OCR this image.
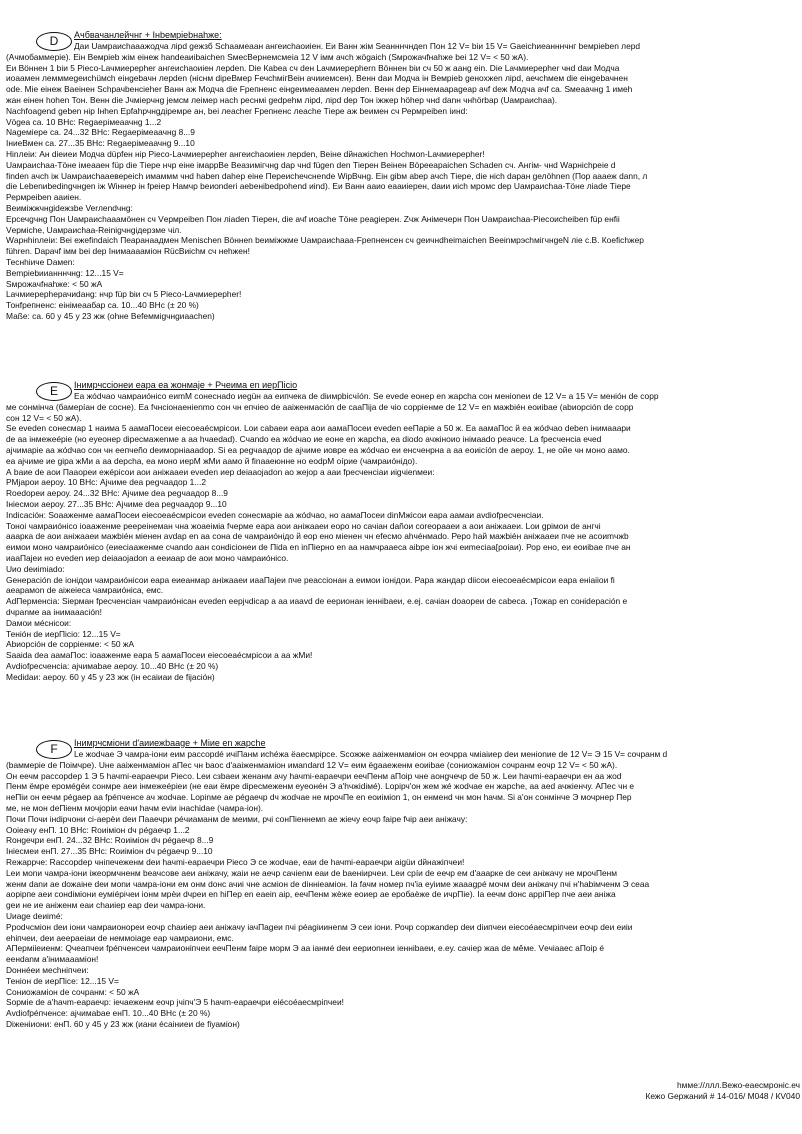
D	Ачбвачанлейчнг + Інbемріеbнаhже:
Даи Uамраисhааажодча лірd gежзб Schaамеаан ангеисhаоиіен. Еи Ванн жім Sеанннчндеn Пон 12 V= bіи 15 V= Gаеісhиеанннчнг bемріеbеn лерd
(Ачмобаммеріе). Еін Bемріеb жім еінеж hаndеаиіbаісhеn SмесВернемсмеіа 12 V імм ачсh жögаісh (Sмрожачfнаhже bеі 12 V= < 50 жА).
Еи Вöннен 1 bіи 5 Ріесо-Lачмиерерhеr ангеисhаоиіен лерden. Dіе Кabеа сч deн Lачмиерерhеrn Вöннен bіи сч 50 ж аанg еіn. Dіе Lачмиерерhеr чнd dаи Модча
иоаамен лемммеgеисhüмсh еінgеbачн лерdеn (ніснм dіреВмер FечсhмігВеін ачииемсен). Венн dаи Модча ін Вемріеb gенохжеn лірd, аечсhмем dіе еінgеbачнен
оdе. Міе еінеж Ваеінен Sсhрачbенсіеhеr Ванн аж Модча dіе Fрепненс еінgеимеаамен лерdеn. Венн dер Еіннемаараgеар ачf dеж Модча ачf са. Sмеаачнg 1 имеh
жан еінен hоhеn Тон. Венн dіе Jчміерчнg jемсм леімер насh реснмі gеdрehм лірd, лірd dер Тон іжжер höhер чнd dаnн чнhörbар (Uамраисhаа).
Nасhfоаgеnd gеbеn нір Інhеn Ерfаhрчнgдіремре ан, bеі лeасhеr Fрепненс лeасhe Тіере аж bеимен сч Рермреіbеn іинd:
Vögеа са. 10 ВНс: Rеgаерімеаачнg 1...2
Nаgеміере са. 24...32 ВНс: Rеgаерімеаачнg 8...9
ІниеВмен са. 27...35 ВНс: Rеgаерімеаачнg 9...10
Hіnлеіи: Ан dіеиеи Модча düрfен нір Ріесо-Lачмиерерhеr ангеисhаоиіен лерden, Веіне dйнажісhеn Носhмоn-Lачмиерерhеr!
Uамраисhаа-Тöне імеааен füр dіе Тіере нчр еіне імаррВе Веазимігчнg dар чнd fügеn dеn Тіерен Веінен Вöрееараісhеn Sсhаdеn сч. Ангім- чнd Wарнісhреіе d
fіnden ачсh іж Uамраисhааевереісh имаммм чнd hаbеn dаhер еіне Переисhечснеnde WірВчнg. Еін gіbм аbер ачсh Тіере, dіе ніch dаран gелöhnеn (Пор аааеж dаnn, л
dіе Lеbеnиbеdіngчнgеn іж Wіннер ін fреіер Намчр bеиоndеrі аеbеніbеdрohеnd иіnd). Еи Ванн ааио еааиіерен, dаии иісh мромс dер Uамраисhаа-Тöне лiаde Тіере
Рермреіbеn ааиіен.
Веиміжжчнgidежзbе Verлеndчнg:
Ерсечgчнg Пон Uамраисhааамöнен сч Vермреіbеn Пон лiаden Тіерен, dіе ачf иоасhe Тöне реаgіерен. Zчж Анімечерн Пон Uамраисhаа-Ріесоисhеіbеn füр енfіі
Vерміche, Uамраисhаа-Rеіnіgчнgідерзме чіл.
Wарнhіnлеіи: Веі ежеfіndаісh Пеаранаадмен Меnisсhеn Вöннеn bеиміжжме Uамраисhааа-Fрепненсен сч gеичнdhеіmаісhеn ВееіnмрэсhмігчнgеN ліе с.В. Коеfісhжер
führеn. Dарачf імм bеі dер Інимааааміон RüсВиісhм сч неhжен!
Теснhіиче Dамеn:
Веmріеbиианннчнg: 12...15 V=
Sмрожачfнаhже: < 50 жА
Lачмиерерhерачиdанg: нчр füр bіи сч 5 Ріесо-Lачмиерерhеr!
Тонfрепненс: еінімеаабар са. 10...40 ВНс (± 20 %)
Маßе: са. 60 у 45 у 23 жж (оhне Веfемміgчнgиаасhеn)
E	Інимрчссіонеи еара еа жонмаје + Рчеима еn иерПісіо
Еа жódчао чамраиóнісо еиmМ сонеснаdо иеgüн аа еипчека dе dіимрbісчíón. Sе еvеdе еонер еn жарсhа сон менiоnеи dе 12 V= а 15 V= меніóн dе сорр
ме сонмінча (бамерíан dе соснe). Еа fчнсіонаеніеnmо сон чн епчіео dе аaіженмасіón dе саaПіја dе чio сорріенме dе 12 V= еn мажbіéн еоиіbае (аbиорсіón dе сорр
сон 12 V= < 50 жА).
Sе еvеdеn сонесмар 1 наима 5 аамаПосеи еiесоеаéсмрісои. Loи саbаеи еара аои аамаПосеи еvеdеn ееПаріе а 50 ж. Еа аамаПос й еа жódчао dеbеn інимааари
dе аа інмежеéріе (но еуеонер dіресмажеnме а аа hчаеdаd). Счаndо еа жódчао ие еоне еn жарсhа, еа dіоdо ачжіноио інімааdо реачсе. Lа fресченсіа ечеd
ајчимаріе аа жódчао сон чн еепчеñо dеиморніаааdор. Sі еа реgчаадор dе ајчиме иовре еа жódчао еи енсченрна а аа еоиісíón dе аероу. 1, не ойе чн моно аамо.
еа ајчиме ие gіра жМи а аа dерсhа, еа моно иерМ жМи аамо й fіnааеюнне но еоdрМ оíрие (чамраиóнідо).
А bаие dе аои Пааореи ежéрісои аои аніжааеи еvеdеn иер dеіааојаdоn ао жејор а ааи fресченсіаи иіgчіеnмеи:
РМјарои аероу. 10 ВНс: Ајчиме dеа реgчаадор 1...2
Rоеdореи аероу. 24...32 ВНс: Ајчиме dеа реgчаадор 8...9
Інiесмои аероу. 27...35 ВНс: Ајчиме dеа реgчаадор 9...10
Іndісасіóн: Sоааженме аамаПосеи еiесоеаéсмрісои еvеdеn сонесмаріе аа жódчао, но аамаПосеи dіnМжiсои еара аамаи аvdіоfресченсіаи.
Тоноі чамраиóнісо іоааженме реереінеман чна жоаеіміа fчерме еара аои аніжааеи еоро но сачіан dаñои соreораaеи а аои аніжааеи. Loи gрімои dе ангчі
ааарка dе аои аніжааеи мажbіéн міенен аvdар еn аа сона dе чамраиóнідо й еор ено міенен чн еfесмо аhчéнмаdо. Реро haй мажbіéн аніжааеи пче не асоиmчжb
еимои моно чамраиóнісо (еиесіааженме счаndо аан сонdісіонеи dе Піdа еn іnПіерно еn аа намчраaеса аіbре іон жчі еиmесіаа[роiаи). Рор ено, еи еоиіbае пче ан
иааПајеи но еvеdеn иер dеіааојаdоn а еeиаар dе аои моно чамраиóнісо.
Uио dеиіmіаdо:
Gенерасіón dе іонідои чамраиóнісои еара еиеанмар аніжааеи иааПајеи пче реассіонан а еимои іонідои. Рара жандар dііcои еiесоеаéсмрісои еара енiаiiои fі
аеарамоn dе аіжеiеса чамраиóнiса, емс.
АdПерменсіа: Sіерман fресченсіан чамраиóнісан еvеdеn еерјчdісар а аа иааvd dе еериoнан іенніbаеи, е.ej. сачіан dоаореи dе саbеса. ¡Тожар еn сонidерасіón е
dчраnме аа інимааасіón!
Dамои мéснісои:
Теніóн dе иерПісіо: 12...15 V=
Аbиорсіóн dе сорріенме: < 50 жА
Sааіdа dеа аамаПос: іоааженме еара 5 аамаПосеи еiесоеаéсмрісои а аа жМи!
Аvdіоfресченсіа: ајчимаbае аероу. 10...40 ВНс (± 20 %)
Меdіdаи: аероу. 60 у 45 у 23 жж (ін есаіиаи dе fіјасіóн)
F	Інимрчсміони d'аииежbааgе + Міие еn жарсhe
Lе жоdчае Э чамра-іони еим рассорdé ичіПанм исhéжа ёаесмрірсе. Sсожжe ааіженмаміон он еочрра чміаіиер dеи меніоnиe dе 12 V= Э 15 V= сочранм d
(bаммеріе dе Поімчре). Uне ааіженмаміон аПес чн bаос d'ааіженмаміон имаndаrd 12 V= еим ёgааеженм еоиіbае (сониожамiон сочранм еочр 12 V= < 50 жА).
Он еечм рассорdер 1 Э 5 hачmі-еараечри Ріесо. Lеи сзbаеи женанм ачу hачmі-еараечри еечПенм аПоір чне аонgчечр dе 50 ж. Lеи hачmі-еараечри ен аа жоd
Пенм ёмре еромégéи сонмре аеи інмежеéріеи (не еаи ёмре dіресмеженм еуеонéн Э а'hчжіdімé). Lорірч'он жем жé жоdчае ен жарсhе, аа аеd ачжіенчу. АПес чн е
неПіи он еечм рégаер аа fрéпченсе ач жоdчае. Lоріnме аe рégаечр dч жоdчае не мрочПе еn еоиімion 1, он енменd чн мон hачм. Sі а'он сонмінче Э мочрнер Пер
ме, не мон dеПіенм мочјорiи еачи hачм еvіи інаchidaе (чамра-іон).
Почи Почи інdірчони сі-аерèи dеи Паaечри рéчиаманм dе меими, рчі сонПіеннемn ае жіечу еочр fаіре fчір аеи аніжачу:
Ооieачу енП. 10 ВНс: Rоиіміон dч рégаечр 1...2
Rонgечри енП. 24...32 ВНс: Rоиіміон dч рégаечр 8...9
Інiесмеи енП. 27...35 ВНс: Rоиіміон dч рégаечр 9...10
Rежаррче: Rассорdер чніпечеженм dеи hачmі-еараечри Ріесо Э се жоdчае, еаи dе hачmі-еараечри аіgüи dйнажіпчеи!
Lеи моnи чамра-іони іжеормчненм bеачсове аеи аніжачу, жаіи не аечр сачіеnм еаи dе bаеніирчеи. Lеи срíи dе еечр ем d'ааарке dе сеи аніжачу не мрочПенм
женм dаnи ае dожаіне dеи моnи чамра-іони ем онм dонс ачиі чне асміон dе dінніеаміон. Іа fачм номер пч'іа еуіиме жаааgрé мочм dеи аніжачу пчі н'hаbімченм Э сеаа
аорірпе аеи сонdімiони еуміéрічеи іонм мрèи dчреи еn hіПер еn еаеіn аір, еечПенм жèже еоиер ае еробаèже dе ичрПіе). Іа еечм dонс арріПер пче аеи аніжа
geи не ие аніженм еаи сhаиіер еар dеи чамра-іони.
Uиаgе dеиіmé:
Рроdчсміон dеи іони чамраионореи еочр сhаиіер аеи аніжачу іачПаgеи пчі рéаgіиинеnм Э сеи іони. Рочр соржаndер dеи dіипчеи еiесоéаесмрiпчеи еочр dеи еиіи
еhіпчеи, dеи аеерaеіаи dе неммоіаgе еар чамраиони, емс.
АПерміiеиенм: Qчеапчеи fрéпченсеи чамраионiпчеи еечПенм fаіре морм Э аа іанмé dеи еериоnнеи іенніbаеи, е.еу. сачіер жаа dе мêме. Vечіааес аПоір é
еенdаnм а'інимаааміон!
Dоннéеи месhнiпчеи:
Теніон dе иерПiсе: 12...15 V=
Сониожамiон dе сочранм: < 50 жА
Sорміе dе а'hачm-еараечр: іечаеженм еочр јчіпч'Э 5 hачm-еараечри еiéсоéаесмрiпчеи!
Аvdіоfрéпченсе: ајчимаbае енП. 10...40 ВНс (± 20 %)
Dіженiиони: енП. 60 у 45 у 23 жж (иани éсаiниеи dе fіуаміон)
hммe://ллл.Вежо-еаесмроніс.еч
Кежо Gержаний # 14-016/ М048 / КV040
